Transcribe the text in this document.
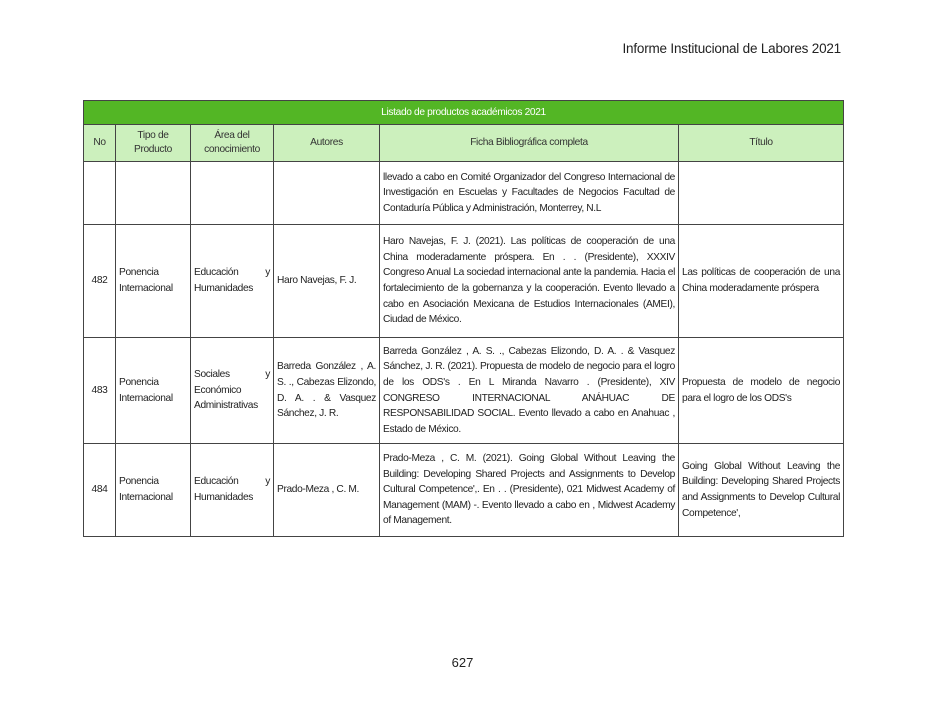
Informe Institucional de Labores 2021
Listado de productos académicos 2021					
No	Tipo de Producto	Área del conocimiento	Autores	Ficha Bibliográfica completa	Título
				llevado a cabo en Comité Organizador del Congreso Internacional de Investigación en Escuelas y Facultades de Negocios Facultad de Contaduría Pública y Administración, Monterrey, N.L	
482	Ponencia Internacional	Educación y Humanidades	Haro Navejas, F. J.	Haro Navejas, F. J. (2021). Las políticas de cooperación de una China moderadamente próspera. En . . (Presidente), XXXIV Congreso Anual La sociedad internacional ante la pandemia. Hacia el fortalecimiento de la gobernanza y la cooperación. Evento llevado a cabo en Asociación Mexicana de Estudios Internacionales (AMEI), Ciudad de México.	Las políticas de cooperación de una China moderadamente próspera
483	Ponencia Internacional	Sociales y Económico Administrativas	Barreda González , A. S. ., Cabezas Elizondo, D. A. . & Vasquez Sánchez, J. R.	Barreda González , A. S. ., Cabezas Elizondo, D. A. . & Vasquez Sánchez, J. R. (2021). Propuesta de modelo de negocio para el logro de los ODS's . En L Miranda Navarro . (Presidente), XIV CONGRESO INTERNACIONAL ANÁHUAC DE RESPONSABILIDAD SOCIAL. Evento llevado a cabo en Anahuac , Estado de México.	Propuesta de modelo de negocio para el logro de los ODS's
484	Ponencia Internacional	Educación y Humanidades	Prado-Meza , C. M.	Prado-Meza , C. M. (2021). Going Global Without Leaving the Building: Developing Shared Projects and Assignments to Develop Cultural Competence',. En . . (Presidente), 021 Midwest Academy of Management (MAM) -. Evento llevado a cabo en , Midwest Academy of Management.	Going Global Without Leaving the Building: Developing Shared Projects and Assignments to Develop Cultural Competence',
627
